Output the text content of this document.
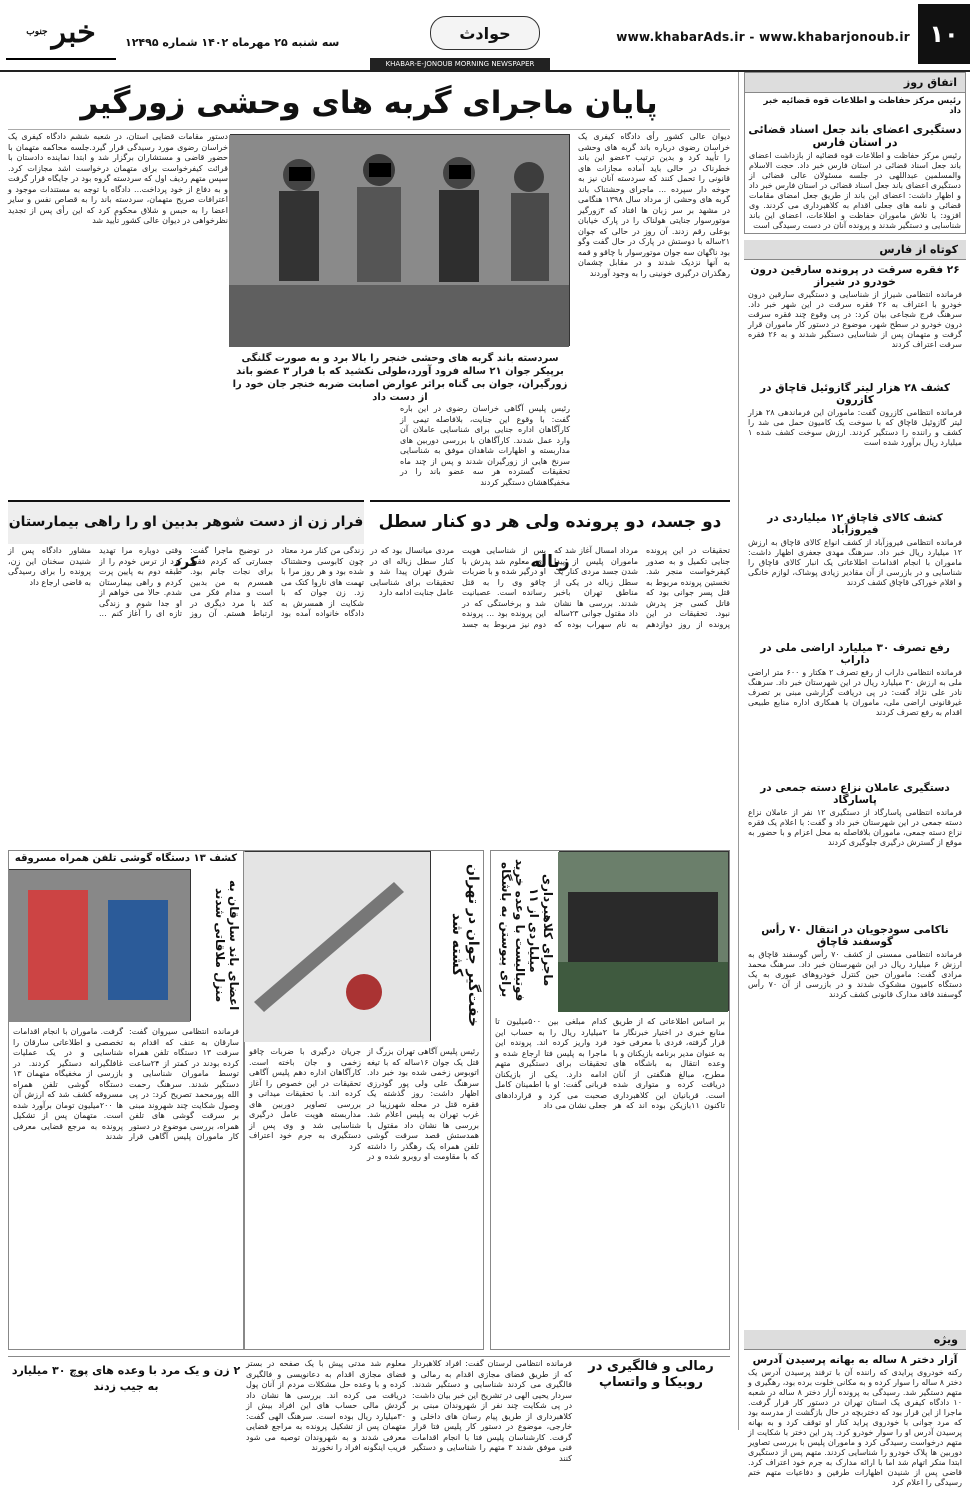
۱۰
www.khabarAds.ir - www.khabarjonoub.ir
حوادث
خبر
جنوب
سه شنبه ۲۵ مهرماه ۱۴۰۲ شماره ۱۲۴۹۵
KHABAR-E-JONOUB MORNING NEWSPAPER
اتفاق روز
رئیس مرکز حفاظت و اطلاعات قوه قضائیه خبر داد
دستگیری اعضای باند جعل اسناد قضائی در استان فارس
رئیس مرکز حفاظت و اطلاعات قوه قضائیه از بازداشت اعضای باند جعل اسناد قضائی در استان فارس خبر داد. حجت الاسلام والمسلمین عبداللهی در جلسه مسئولان عالی قضائی از دستگیری اعضای باند جعل اسناد قضائی در استان فارس خبر داد و اظهار داشت: اعضای این باند از طریق جعل امضای مقامات قضائی و نامه های جعلی اقدام به کلاهبرداری می کردند. وی افزود: با تلاش ماموران حفاظت و اطلاعات، اعضای این باند شناسایی و دستگیر شدند و پرونده آنان در دست رسیدگی است
کوتاه از فارس
۲۶ فقره سرقت در پرونده سارقین درون خودرو در شیراز
فرمانده انتظامی شیراز از شناسایی و دستگیری سارقین درون خودرو با اعتراف به ۲۶ فقره سرقت در این شهر خبر داد. سرهنگ فرج شجاعی بیان کرد: در پی وقوع چند فقره سرقت درون خودرو در سطح شهر، موضوع در دستور کار ماموران قرار گرفت و متهمان پس از شناسایی دستگیر شدند و به ۲۶ فقره سرقت اعتراف کردند
کشف ۲۸ هزار لیتر گازوئیل قاچاق در کازرون
فرمانده انتظامی کازرون گفت: ماموران این فرماندهی ۲۸ هزار لیتر گازوئیل قاچاق که با سوخت یک کامیون حمل می شد را کشف و راننده را دستگیر کردند. ارزش سوخت کشف شده ۱ میلیارد ریال برآورد شده است
کشف کالای قاچاق ۱۲ میلیاردی در فیروزآباد
فرمانده انتظامی فیروزآباد از کشف انواع کالای قاچاق به ارزش ۱۲ میلیارد ریال خبر داد. سرهنگ مهدی جعفری اظهار داشت: ماموران با انجام اقدامات اطلاعاتی یک انبار کالای قاچاق را شناسایی و در بازرسی از آن مقادیر زیادی پوشاک، لوازم خانگی و اقلام خوراکی قاچاق کشف کردند
رفع تصرف ۳۰ میلیارد اراضی ملی در داراب
فرمانده انتظامی داراب از رفع تصرف ۲ هکتار و ۶۰۰ متر اراضی ملی به ارزش ۳۰ میلیارد ریال در این شهرستان خبر داد. سرهنگ نادر علی نژاد گفت: در پی دریافت گزارشی مبنی بر تصرف غیرقانونی اراضی ملی، ماموران با همکاری اداره منابع طبیعی اقدام به رفع تصرف کردند
دستگیری عاملان نزاع دسته جمعی در پاسارگاد
فرمانده انتظامی پاسارگاد از دستگیری ۱۲ نفر از عاملان نزاع دسته جمعی در این شهرستان خبر داد و گفت: با اعلام یک فقره نزاع دسته جمعی، ماموران بلافاصله به محل اعزام و با حضور به موقع از گسترش درگیری جلوگیری کردند
ناکامی سودجویان در انتقال ۷۰ رأس گوسفند قاچاق
فرمانده انتظامی ممسنی از کشف ۷۰ رأس گوسفند قاچاق به ارزش ۶ میلیارد ریال در این شهرستان خبر داد. سرهنگ محمد مرادی گفت: ماموران حین کنترل خودروهای عبوری به یک دستگاه کامیون مشکوک شدند و در بازرسی از آن ۷۰ رأس گوسفند فاقد مدارک قانونی کشف کردند
ویژه
آزار دختر ۸ ساله به بهانه پرسیدن آدرس
رکنه خودروی پرایدی که راننده آن با ترفند پرسیدن آدرس یک دختر ۸ ساله را سوار کرده و به مکانی خلوت برده بود، رهگیری و متهم دستگیر شد. رسیدگی به پرونده آزار دختر ۸ ساله در شعبه ۱۰ دادگاه کیفری یک استان تهران در دستور کار قرار گرفت. ماجرا از این قرار بود که دختربچه در حال بازگشت از مدرسه بود که مرد جوانی با خودروی پراید کنار او توقف کرد و به بهانه پرسیدن آدرس او را سوار خودرو کرد. پدر این دختر با شکایت از متهم درخواست رسیدگی کرد و ماموران پلیس با بررسی تصاویر دوربین ها پلاک خودرو را شناسایی کردند. متهم پس از دستگیری ابتدا منکر اتهام شد اما با ارائه مدارک به جرم خود اعتراف کرد. قاضی پس از شنیدن اظهارات طرفین و دفاعیات متهم ختم رسیدگی را اعلام کرد
پایان ماجرای گربه های وحشی زورگیر
دیوان عالی کشور رأی دادگاه کیفری یک خراسان رضوی درباره باند گربه های وحشی را تأیید کرد و بدین ترتیب ۳عضو این باند خطرناک در حالی باید آماده مجازات های قانونی را تحمل کنند که سردسته آنان نیز به جوخه دار سپرده ... ماجرای وحشتناک باند گربه های وحشی از مرداد سال ۱۳۹۸ هنگامی در مشهد بر سر زبان ها افتاد که ۳زورگیر موتورسوار جنایتی هولناک را در پارک خیابان بوعلی رقم زدند. آن روز در حالی که جوان ۲۱ساله با دوستش در پارک در حال گفت وگو بود ناگهان سه جوان موتورسوار با چاقو و قمه به آنها نزدیک شدند و در مقابل چشمان رهگذران درگیری خونینی را به وجود آوردند
سردسته باند گربه های وحشی خنجر را بالا برد و به صورت گلنگی برپیکر جوان ۲۱ ساله فرود آورد،طولی نکشید که با فرار ۳ عضو باند زورگیران، جوان بی گناه براثر عوارض اصابت ضربه خنجر جان خود را از دست داد
رئیس پلیس آگاهی خراسان رضوی در این باره گفت: با وقوع این جنایت، بلافاصله تیمی از کارآگاهان اداره جنایی برای شناسایی عاملان آن وارد عمل شدند. کارآگاهان با بررسی دوربین های مداربسته و اظهارات شاهدان موفق به شناسایی سرنخ هایی از زورگیران شدند و پس از چند ماه تحقیقات گسترده هر سه عضو باند را در مخفیگاهشان دستگیر کردند
دستور مقامات قضایی استان، در شعبه ششم دادگاه کیفری یک خراسان رضوی مورد رسیدگی قرار گیرد.جلسه محاکمه متهمان با حضور قاضی و مستشاران برگزار شد و ابتدا نماینده دادستان با قرائت کیفرخواست برای متهمان درخواست اشد مجازات کرد. سپس متهم ردیف اول که سردسته گروه بود در جایگاه قرار گرفت و به دفاع از خود پرداخت... دادگاه با توجه به مستندات موجود و اعترافات صریح متهمان، سردسته باند را به قصاص نفس و سایر اعضا را به حبس و شلاق محکوم کرد که این رأی پس از تجدید نظرخواهی در دیوان عالی کشور تأیید شد
دو جسد، دو پرونده ولی هر دو کنار سطل زباله
تحقیقات در این پرونده جنایی تکمیل و به صدور کیفرخواست منجر شد. نخستین پرونده مربوط به قتل پسر جوانی بود که قاتل کسی جز پدرش نبود. تحقیقات در این پرونده از روز دوازدهم مرداد امسال آغاز شد که ماموران پلیس از پیدا شدن جسد مردی کنار یک سطل زباله در یکی از مناطق تهران باخبر شدند. بررسی ها نشان داد مقتول جوانی ۲۳ساله به نام سهراب بوده که پس از شناسایی هویت وی، معلوم شد پدرش با او درگیر شده و با ضربات چاقو وی را به قتل رسانده است. عصبانیت شد و برخاستگی که در این پرونده بود ... پرونده دوم نیز مربوط به جسد مردی میانسال بود که در کنار سطل زباله ای در شرق تهران پیدا شد و تحقیقات برای شناسایی عامل جنایت ادامه دارد
فرار زن از دست شوهر بدبین او را راهی بیمارستان کرد
زندگی من کنار مرد معتاد چون کابوسی وحشتناک شده بود و هر روز مرا با تهمت های ناروا کتک می زد. زن جوان که با شکایت از همسرش به دادگاه خانواده آمده بود در توضیح ماجرا گفت: جسارتی که کردم فقط برای نجات جانم بود. همسرم به من بدبین است و مدام فکر می کند با مرد دیگری در ارتباط هستم. آن روز وقتی دوباره مرا تهدید کرد از ترس خودم را از طبقه دوم به پایین پرت کردم و راهی بیمارستان شدم. حالا می خواهم از او جدا شوم و زندگی تازه ای را آغاز کنم ... مشاور دادگاه پس از شنیدن سخنان این زن، پرونده را برای رسیدگی به قاضی ارجاع داد
ماجرای کلاهبرداری میلیاردی از ۱۱ فوتبالیست با وعده خرید برای پیوستن به باشگاه
بر اساس اطلاعاتی که از طریق منابع خبری در اختیار خبرنگار ما قرار گرفته، فردی با معرفی خود به عنوان مدیر برنامه بازیکنان و با وعده انتقال به باشگاه های مطرح، مبالغ هنگفتی از آنان دریافت کرده و متواری شده است. قربانیان این کلاهبرداری تاکنون ۱۱بازیکن بوده اند که هر کدام مبلغی بین ۵۰۰میلیون تا ۲میلیارد ریال را به حساب این فرد واریز کرده اند. پرونده این ماجرا به پلیس فتا ارجاع شده و تحقیقات برای دستگیری متهم ادامه دارد. یکی از بازیکنان قربانی گفت: او با اطمینان کامل صحبت می کرد و قراردادهای جعلی نشان می داد
خفت‌گیر جوان در تهران کشته شد
رئیس پلیس آگاهی تهران بزرگ از قتل یک جوان ۱۶ساله که با تیغه اتوبوس زخمی شده بود خبر داد. سرهنگ علی ولی پور گودرزی اظهار داشت: روز گذشته یک فقره قتل در محله شهرزیبا در غرب تهران به پلیس اعلام شد. بررسی ها نشان داد مقتول با همدستش قصد سرقت گوشی تلفن همراه یک رهگذر را داشته که با مقاومت او روبرو شده و در جریان درگیری با ضربات چاقو زخمی و جان باخته است. کارآگاهان اداره دهم پلیس آگاهی تحقیقات در این خصوص را آغاز کرده اند. با تحقیقات میدانی و بررسی تصاویر دوربین های مداربسته هویت عامل درگیری شناسایی شد و وی پس از دستگیری به جرم خود اعتراف کرد
کشف ۱۳ دستگاه گوشی تلفن همراه مسروقه
اعضای باند سارقان به منزل ملاقاتی شدند
فرمانده انتظامی سیروان گفت: سارقان به عنف که اقدام به سرقت ۱۳ دستگاه تلفن همراه کرده بودند در کمتر از ۲۴ساعت توسط ماموران شناسایی و دستگیر شدند. سرهنگ رحمت الله پورمحمد تصریح کرد: در پی وصول شکایت چند شهروند مبنی بر سرقت گوشی های تلفن همراه، بررسی موضوع در دستور کار ماموران پلیس آگاهی قرار گرفت. ماموران با انجام اقدامات تخصصی و اطلاعاتی سارقان را شناسایی و در یک عملیات غافلگیرانه دستگیر کردند. در بازرسی از مخفیگاه متهمان ۱۳ دستگاه گوشی تلفن همراه مسروقه کشف شد که ارزش آن ها ۲۰۰میلیون تومان برآورد شده است. متهمان پس از تشکیل پرونده به مرجع قضایی معرفی شدند
رمالی و فالگیری در روبیکا و واتساپ
فرمانده انتظامی لرستان گفت: افراد کلاهبردار که از طریق فضای مجازی اقدام به رمالی و فالگیری می کردند شناسایی و دستگیر شدند. سردار یحیی الهی در تشریح این خبر بیان داشت: در پی شکایت چند نفر از شهروندان مبنی بر کلاهبرداری از طریق پیام رسان های داخلی و خارجی، موضوع در دستور کار پلیس فتا قرار گرفت. کارشناسان پلیس فتا با انجام اقدامات فنی موفق شدند ۳ متهم را شناسایی و دستگیر کنند
معلوم شد مدتی پیش با یک صفحه در بستر فضای مجازی اقدام به دعانویسی و فالگیری کرده و با وعده حل مشکلات مردم از آنان پول دریافت می کرده اند. بررسی ها نشان داد گردش مالی حساب های این افراد بیش از ۳۰میلیارد ریال بوده است. سرهنگ الهی گفت: متهمان پس از تشکیل پرونده به مراجع قضایی معرفی شدند و به شهروندان توصیه می شود فریب اینگونه افراد را نخورند
۲ زن و یک مرد با وعده های پوچ ۳۰ میلیارد به جیب زدند
